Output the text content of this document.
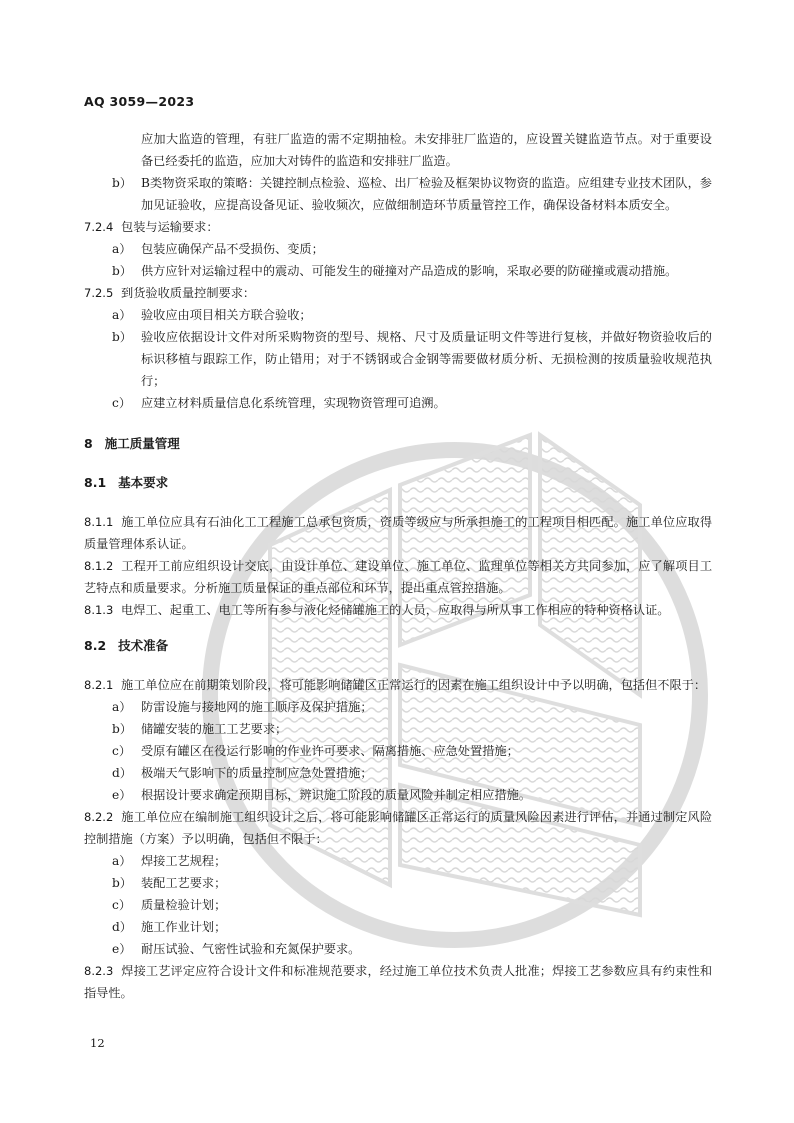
AQ 3059—2023

应加大监造的管理，有驻厂监造的需不定期抽检。未安排驻厂监造的，应设置关键监造节点。对于重要设备已经委托的监造，应加大对铸件的监造和安排驻厂监造。

b） B类物资采取的策略：关键控制点检验、巡检、出厂检验及框架协议物资的监造。应组建专业技术团队，参加见证验收，应提高设备见证、验收频次，应做细制造环节质量管控工作，确保设备材料本质安全。

7.2.4 包装与运输要求：

a） 包装应确保产品不受损伤、变质；
b） 供方应针对运输过程中的震动、可能发生的碰撞对产品造成的影响，采取必要的防碰撞或震动措施。

7.2.5 到货验收质量控制要求：

a） 验收应由项目相关方联合验收；
b） 验收应依据设计文件对所采购物资的型号、规格、尺寸及质量证明文件等进行复核，并做好物资验收后的标识移植与跟踪工作，防止错用；对于不锈钢或合金钢等需要做材质分析、无损检测的按质量验收规范执行；
c） 应建立材料质量信息化系统管理，实现物资管理可追溯。
8 施工质量管理
8.1 基本要求

8.1.1 施工单位应具有石油化工工程施工总承包资质，资质等级应与所承担施工的工程项目相匹配。施工单位应取得质量管理体系认证。

8.1.2 工程开工前应组织设计交底，由设计单位、建设单位、施工单位、监理单位等相关方共同参加，应了解项目工艺特点和质量要求。分析施工质量保证的重点部位和环节，提出重点管控措施。

8.1.3 电焊工、起重工、电工等所有参与液化烃储罐施工的人员，应取得与所从事工作相应的特种资格认证。

8.2 技术准备

8.2.1 施工单位应在前期策划阶段，将可能影响储罐区正常运行的因素在施工组织设计中予以明确，包括但不限于：

a） 防雷设施与接地网的施工顺序及保护措施；
b） 储罐安装的施工工艺要求；
c） 受原有罐区在役运行影响的作业许可要求、隔离措施、应急处置措施；
d） 极端天气影响下的质量控制应急处置措施；
e） 根据设计要求确定预期目标，辨识施工阶段的质量风险并制定相应措施。

8.2.2 施工单位应在编制施工组织设计之后，将可能影响储罐区正常运行的质量风险因素进行评估，并通过制定风险控制措施（方案）予以明确，包括但不限于：

a） 焊接工艺规程；
b） 装配工艺要求；
c） 质量检验计划；
d） 施工作业计划；
e） 耐压试验、气密性试验和充氮保护要求。

8.2.3 焊接工艺评定应符合设计文件和标准规范要求，经过施工单位技术负责人批准；焊接工艺参数应具有约束性和指导性。

12
